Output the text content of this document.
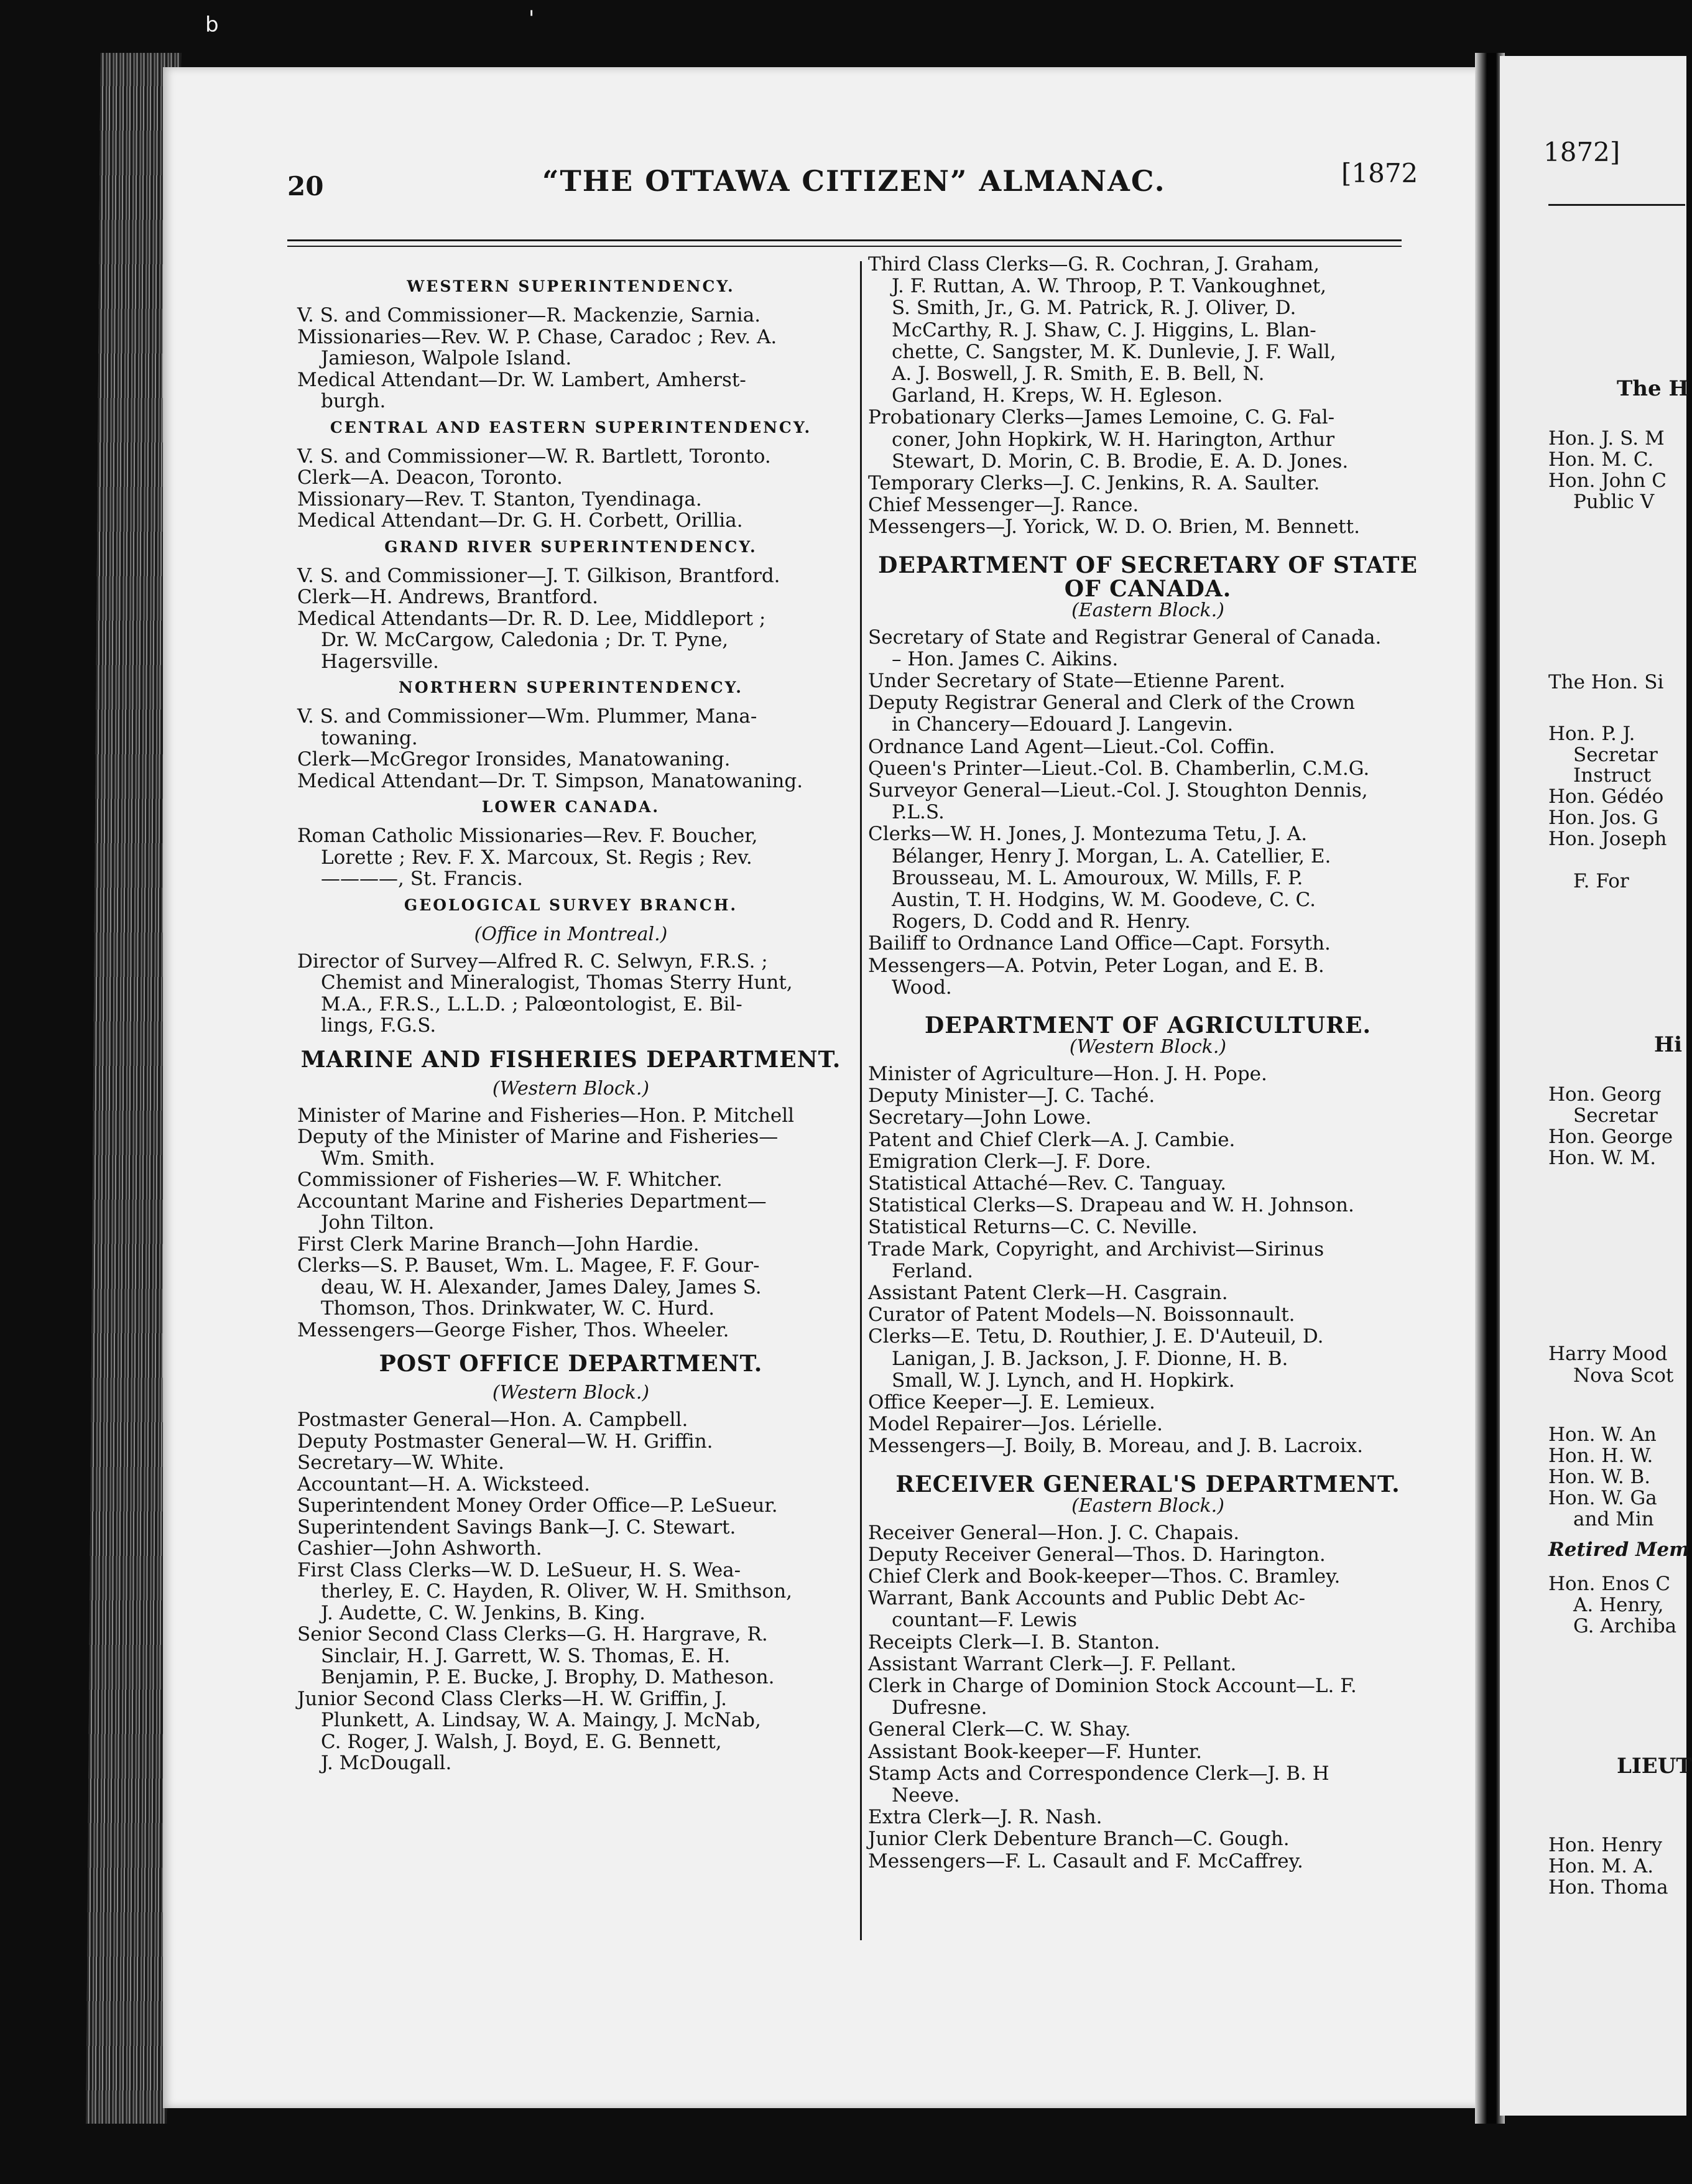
b	'
20	“THE OTTAWA CITIZEN” ALMANAC.	[1872
WESTERN SUPERINTENDENCY.
V. S. and Commissioner—R. Mackenzie, Sarnia.
Missionaries—Rev. W. P. Chase, Caradoc ; Rev. A.
Jamieson, Walpole Island.
Medical Attendant—Dr. W. Lambert, Amherst-
burgh.
CENTRAL AND EASTERN SUPERINTENDENCY.
V. S. and Commissioner—W. R. Bartlett, Toronto.
Clerk—A. Deacon, Toronto.
Missionary—Rev. T. Stanton, Tyendinaga.
Medical Attendant—Dr. G. H. Corbett, Orillia.
GRAND RIVER SUPERINTENDENCY.
V. S. and Commissioner—J. T. Gilkison, Brantford.
Clerk—H. Andrews, Brantford.
Medical Attendants—Dr. R. D. Lee, Middleport ;
Dr. W. McCargow, Caledonia ; Dr. T. Pyne,
Hagersville.
NORTHERN SUPERINTENDENCY.
V. S. and Commissioner—Wm. Plummer, Mana-
towaning.
Clerk—McGregor Ironsides, Manatowaning.
Medical Attendant—Dr. T. Simpson, Manatowaning.
LOWER CANADA.
Roman Catholic Missionaries—Rev. F. Boucher,
Lorette ; Rev. F. X. Marcoux, St. Regis ; Rev.
————, St. Francis.
GEOLOGICAL SURVEY BRANCH.
(Office in Montreal.)
Director of Survey—Alfred R. C. Selwyn, F.R.S. ;
Chemist and Mineralogist, Thomas Sterry Hunt,
M.A., F.R.S., L.L.D. ; Palœontologist, E. Bil-
lings, F.G.S.
MARINE AND FISHERIES DEPARTMENT.
(Western Block.)
Minister of Marine and Fisheries—Hon. P. Mitchell
Deputy of the Minister of Marine and Fisheries—
Wm. Smith.
Commissioner of Fisheries—W. F. Whitcher.
Accountant Marine and Fisheries Department—
John Tilton.
First Clerk Marine Branch—John Hardie.
Clerks—S. P. Bauset, Wm. L. Magee, F. F. Gour-
deau, W. H. Alexander, James Daley, James S.
Thomson, Thos. Drinkwater, W. C. Hurd.
Messengers—George Fisher, Thos. Wheeler.
POST OFFICE DEPARTMENT.
(Western Block.)
Postmaster General—Hon. A. Campbell.
Deputy Postmaster General—W. H. Griffin.
Secretary—W. White.
Accountant—H. A. Wicksteed.
Superintendent Money Order Office—P. LeSueur.
Superintendent Savings Bank—J. C. Stewart.
Cashier—John Ashworth.
First Class Clerks—W. D. LeSueur, H. S. Wea-
therley, E. C. Hayden, R. Oliver, W. H. Smithson,
J. Audette, C. W. Jenkins, B. King.
Senior Second Class Clerks—G. H. Hargrave, R.
Sinclair, H. J. Garrett, W. S. Thomas, E. H.
Benjamin, P. E. Bucke, J. Brophy, D. Matheson.
Junior Second Class Clerks—H. W. Griffin, J.
Plunkett, A. Lindsay, W. A. Maingy, J. McNab,
C. Roger, J. Walsh, J. Boyd, E. G. Bennett,
J. McDougall.
Third Class Clerks—G. R. Cochran, J. Graham,
J. F. Ruttan, A. W. Throop, P. T. Vankoughnet,
S. Smith, Jr., G. M. Patrick, R. J. Oliver, D.
McCarthy, R. J. Shaw, C. J. Higgins, L. Blan-
chette, C. Sangster, M. K. Dunlevie, J. F. Wall,
A. J. Boswell, J. R. Smith, E. B. Bell, N.
Garland, H. Kreps, W. H. Egleson.
Probationary Clerks—James Lemoine, C. G. Fal-
coner, John Hopkirk, W. H. Harington, Arthur
Stewart, D. Morin, C. B. Brodie, E. A. D. Jones.
Temporary Clerks—J. C. Jenkins, R. A. Saulter.
Chief Messenger—J. Rance.
Messengers—J. Yorick, W. D. O. Brien, M. Bennett.
DEPARTMENT OF SECRETARY OF STATE
OF CANADA.
(Eastern Block.)
Secretary of State and Registrar General of Canada.
– Hon. James C. Aikins.
Under Secretary of State—Etienne Parent.
Deputy Registrar General and Clerk of the Crown
in Chancery—Edouard J. Langevin.
Ordnance Land Agent—Lieut.-Col. Coffin.
Queen's Printer—Lieut.-Col. B. Chamberlin, C.M.G.
Surveyor General—Lieut.-Col. J. Stoughton Dennis,
P.L.S.
Clerks—W. H. Jones, J. Montezuma Tetu, J. A.
Bélanger, Henry J. Morgan, L. A. Catellier, E.
Brousseau, M. L. Amouroux, W. Mills, F. P.
Austin, T. H. Hodgins, W. M. Goodeve, C. C.
Rogers, D. Codd and R. Henry.
Bailiff to Ordnance Land Office—Capt. Forsyth.
Messengers—A. Potvin, Peter Logan, and E. B.
Wood.
DEPARTMENT OF AGRICULTURE.
(Western Block.)
Minister of Agriculture—Hon. J. H. Pope.
Deputy Minister—J. C. Taché.
Secretary—John Lowe.
Patent and Chief Clerk—A. J. Cambie.
Emigration Clerk—J. F. Dore.
Statistical Attaché—Rev. C. Tanguay.
Statistical Clerks—S. Drapeau and W. H. Johnson.
Statistical Returns—C. C. Neville.
Trade Mark, Copyright, and Archivist—Sirinus
Ferland.
Assistant Patent Clerk—H. Casgrain.
Curator of Patent Models—N. Boissonnault.
Clerks—E. Tetu, D. Routhier, J. E. D'Auteuil, D.
Lanigan, J. B. Jackson, J. F. Dionne, H. B.
Small, W. J. Lynch, and H. Hopkirk.
Office Keeper—J. E. Lemieux.
Model Repairer—Jos. Lérielle.
Messengers—J. Boily, B. Moreau, and J. B. Lacroix.
RECEIVER GENERAL'S DEPARTMENT.
(Eastern Block.)
Receiver General—Hon. J. C. Chapais.
Deputy Receiver General—Thos. D. Harington.
Chief Clerk and Book-keeper—Thos. C. Bramley.
Warrant, Bank Accounts and Public Debt Ac-
countant—F. Lewis
Receipts Clerk—I. B. Stanton.
Assistant Warrant Clerk—J. F. Pellant.
Clerk in Charge of Dominion Stock Account—L. F.
Dufresne.
General Clerk—C. W. Shay.
Assistant Book-keeper—F. Hunter.
Stamp Acts and Correspondence Clerk—J. B. H
Neeve.
Extra Clerk—J. R. Nash.
Junior Clerk Debenture Branch—C. Gough.
Messengers—F. L. Casault and F. McCaffrey.
1872]
The H
Hon. J. S. M
Hon. M. C.
Hon. John C
Public V
The Hon. Si
Hon. P. J.
Secretar
Instruct
Hon. Gédéo
Hon. Jos. G
Hon. Joseph
F. For
Hi
Hon. Georg
Secretar
Hon. George
Hon. W. M.
Harry Mood
Nova Scot
Hon. W. An
Hon. H. W.
Hon. W. B.
Hon. W. Ga
and Min
Retired Mem
Hon. Enos C
A. Henry,
G. Archiba
LIEUT
Hon. Henry
Hon. M. A.
Hon. Thoma
